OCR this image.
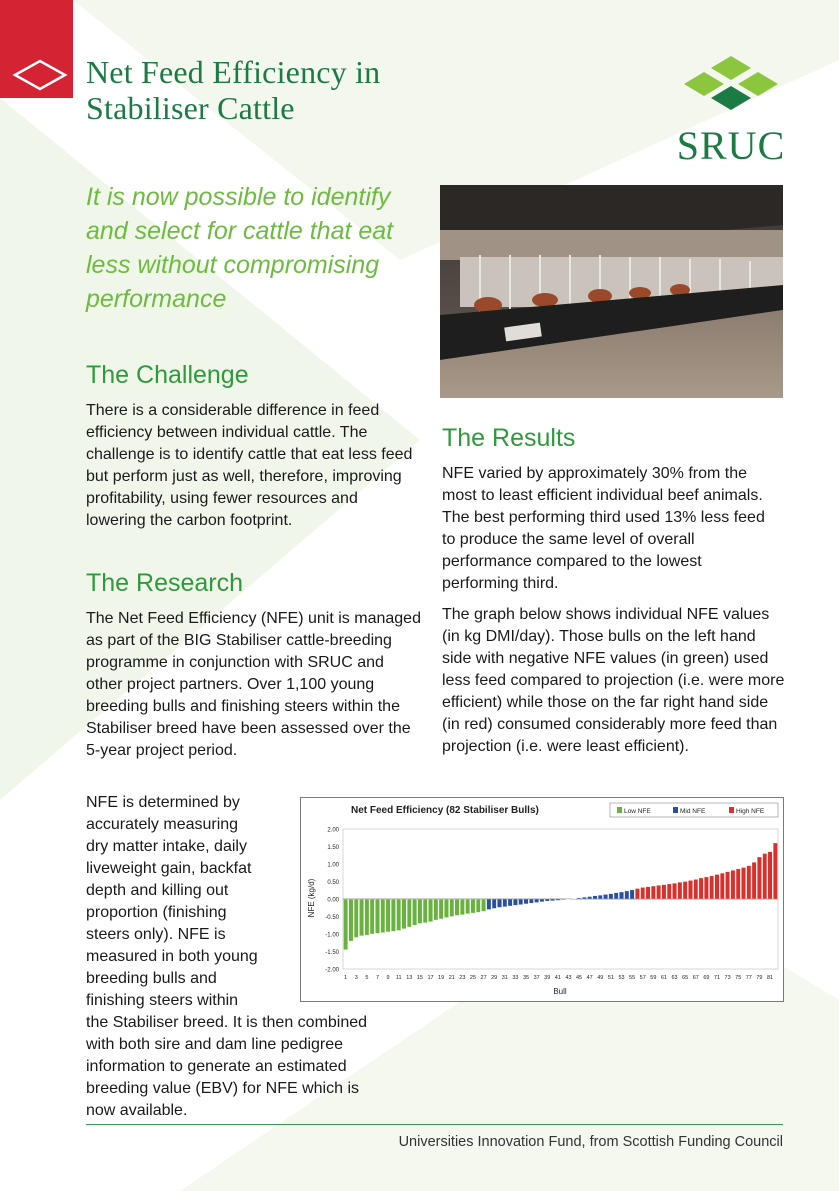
Net Feed Efficiency in Stabiliser Cattle
SRUC

It is now possible to identify and select for cattle that eat less without compromising performance

The Challenge

There is a considerable difference in feed efficiency between individual cattle. The challenge is to identify cattle that eat less feed but perform just as well, therefore, improving profitability, using fewer resources and lowering the carbon footprint.

The Research

The Net Feed Efficiency (NFE) unit is managed as part of the BIG Stabiliser cattle-breeding programme in conjunction with SRUC and other project partners. Over 1,100 young breeding bulls and finishing steers within the Stabiliser breed have been assessed over the 5-year project period.

NFE is determined by
accurately measuring
dry matter intake, daily
liveweight gain, backfat
depth and killing out
proportion (finishing
steers only). NFE is
measured in both young
breeding bulls and
finishing steers within
the Stabiliser breed. It is then combined
with both sire and dam line pedigree
information to generate an estimated
breeding value (EBV) for NFE which is
now available.
The Results

NFE varied by approximately 30% from the most to least efficient individual beef animals. The best performing third used 13% less feed to produce the same level of overall performance compared to the lowest performing third.

The graph below shows individual NFE values (in kg DMI/day). Those bulls on the left hand side with negative NFE values (in green) used less feed compared to projection (i.e. were more efficient) while those on the far right hand side (in red) consumed considerably more feed than projection (i.e. were least efficient).

Net Feed Efficiency (82 Stabiliser Bulls)	Low NFE	Mid NFE	High NFE
2.00
1.50
1.00
0.50
0.00
-0.50
-1.00
-1.50
-2.00
1 3 5 7 9 11 13 15 17 19 21 23 25 27 29 31 33 35 37 39 41 43 45 47 49 51 53 55 57 59 61 63 65 67 69 71 73 75 77 79 81
NFE (kg/d)
Bull
Universities Innovation Fund, from Scottish Funding Council
